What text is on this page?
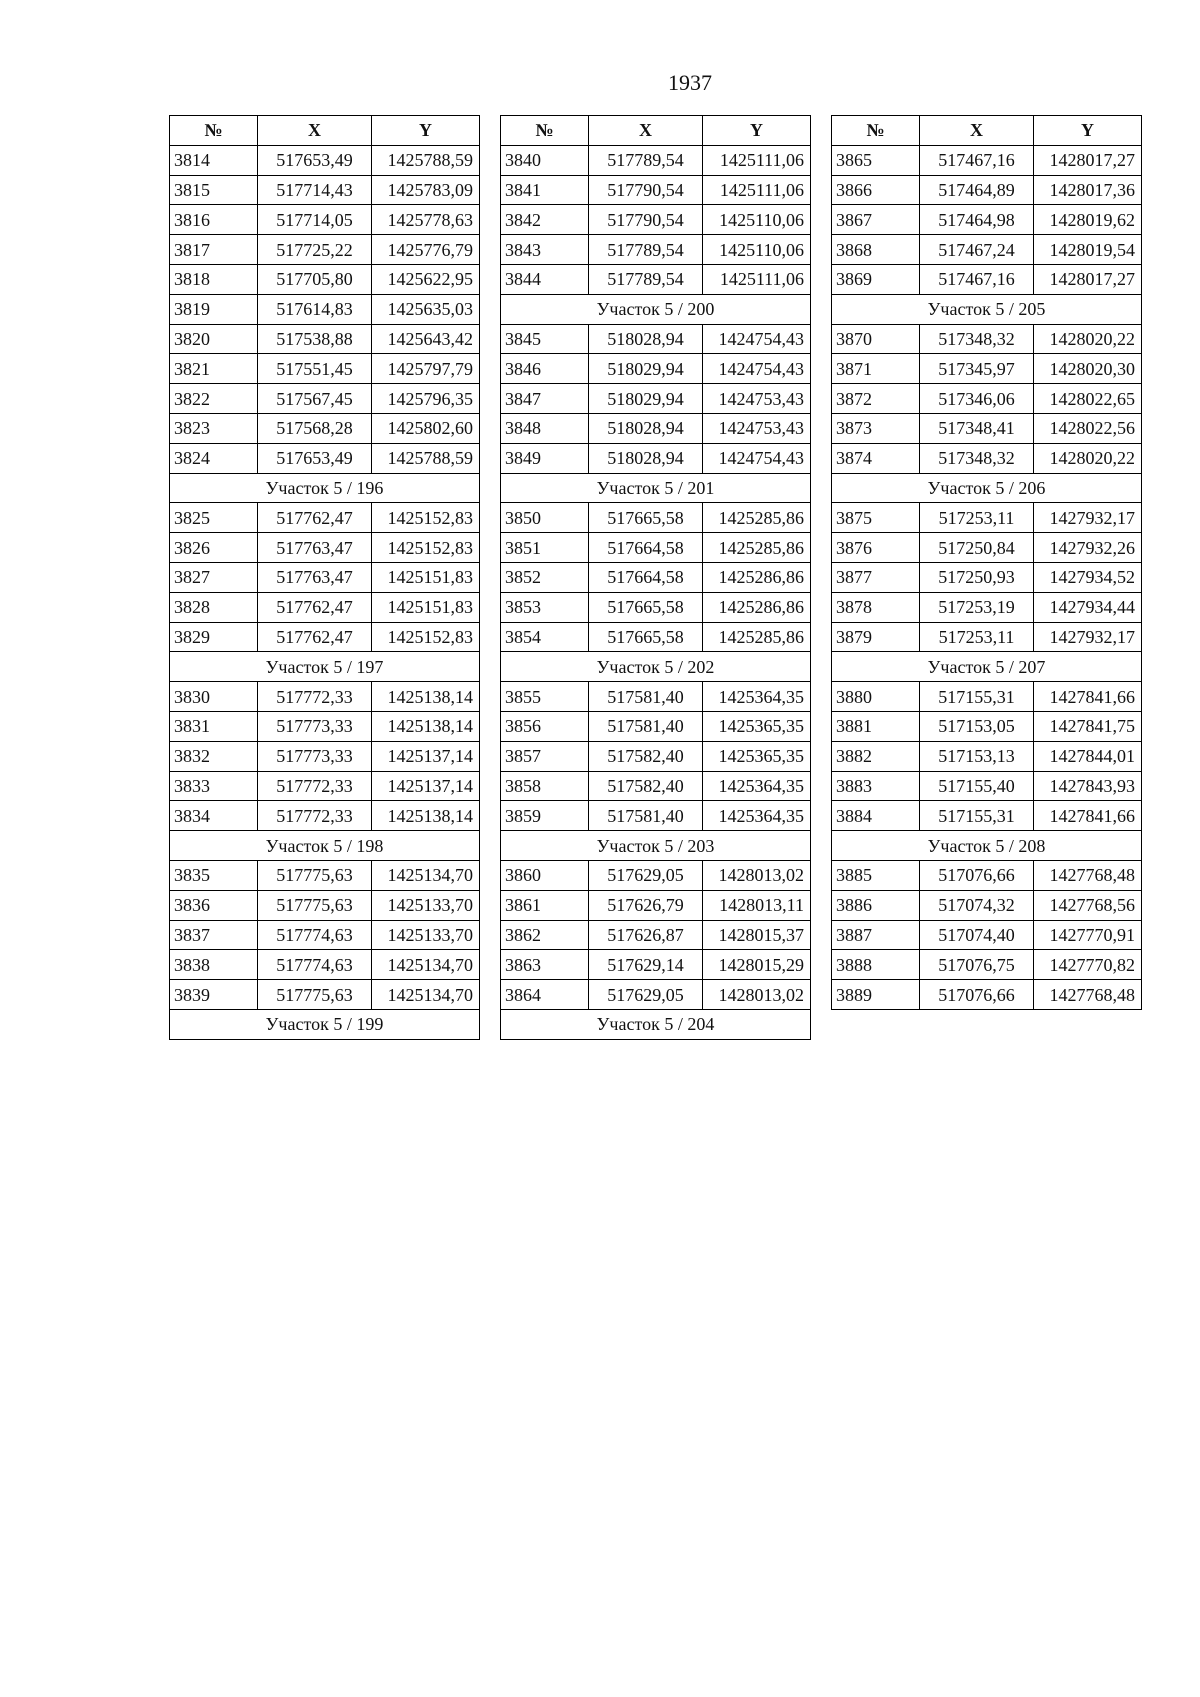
1937
№	X	Y
3814	517653,49	1425788,59
3815	517714,43	1425783,09
3816	517714,05	1425778,63
3817	517725,22	1425776,79
3818	517705,80	1425622,95
3819	517614,83	1425635,03
3820	517538,88	1425643,42
3821	517551,45	1425797,79
3822	517567,45	1425796,35
3823	517568,28	1425802,60
3824	517653,49	1425788,59
Участок 5 / 196		
3825	517762,47	1425152,83
3826	517763,47	1425152,83
3827	517763,47	1425151,83
3828	517762,47	1425151,83
3829	517762,47	1425152,83
Участок 5 / 197		
3830	517772,33	1425138,14
3831	517773,33	1425138,14
3832	517773,33	1425137,14
3833	517772,33	1425137,14
3834	517772,33	1425138,14
Участок 5 / 198		
3835	517775,63	1425134,70
3836	517775,63	1425133,70
3837	517774,63	1425133,70
3838	517774,63	1425134,70
3839	517775,63	1425134,70
Участок 5 / 199		
№	X	Y
3840	517789,54	1425111,06
3841	517790,54	1425111,06
3842	517790,54	1425110,06
3843	517789,54	1425110,06
3844	517789,54	1425111,06
Участок 5 / 200		
3845	518028,94	1424754,43
3846	518029,94	1424754,43
3847	518029,94	1424753,43
3848	518028,94	1424753,43
3849	518028,94	1424754,43
Участок 5 / 201		
3850	517665,58	1425285,86
3851	517664,58	1425285,86
3852	517664,58	1425286,86
3853	517665,58	1425286,86
3854	517665,58	1425285,86
Участок 5 / 202		
3855	517581,40	1425364,35
3856	517581,40	1425365,35
3857	517582,40	1425365,35
3858	517582,40	1425364,35
3859	517581,40	1425364,35
Участок 5 / 203		
3860	517629,05	1428013,02
3861	517626,79	1428013,11
3862	517626,87	1428015,37
3863	517629,14	1428015,29
3864	517629,05	1428013,02
Участок 5 / 204		
№	X	Y
3865	517467,16	1428017,27
3866	517464,89	1428017,36
3867	517464,98	1428019,62
3868	517467,24	1428019,54
3869	517467,16	1428017,27
Участок 5 / 205		
3870	517348,32	1428020,22
3871	517345,97	1428020,30
3872	517346,06	1428022,65
3873	517348,41	1428022,56
3874	517348,32	1428020,22
Участок 5 / 206		
3875	517253,11	1427932,17
3876	517250,84	1427932,26
3877	517250,93	1427934,52
3878	517253,19	1427934,44
3879	517253,11	1427932,17
Участок 5 / 207		
3880	517155,31	1427841,66
3881	517153,05	1427841,75
3882	517153,13	1427844,01
3883	517155,40	1427843,93
3884	517155,31	1427841,66
Участок 5 / 208		
3885	517076,66	1427768,48
3886	517074,32	1427768,56
3887	517074,40	1427770,91
3888	517076,75	1427770,82
3889	517076,66	1427768,48
